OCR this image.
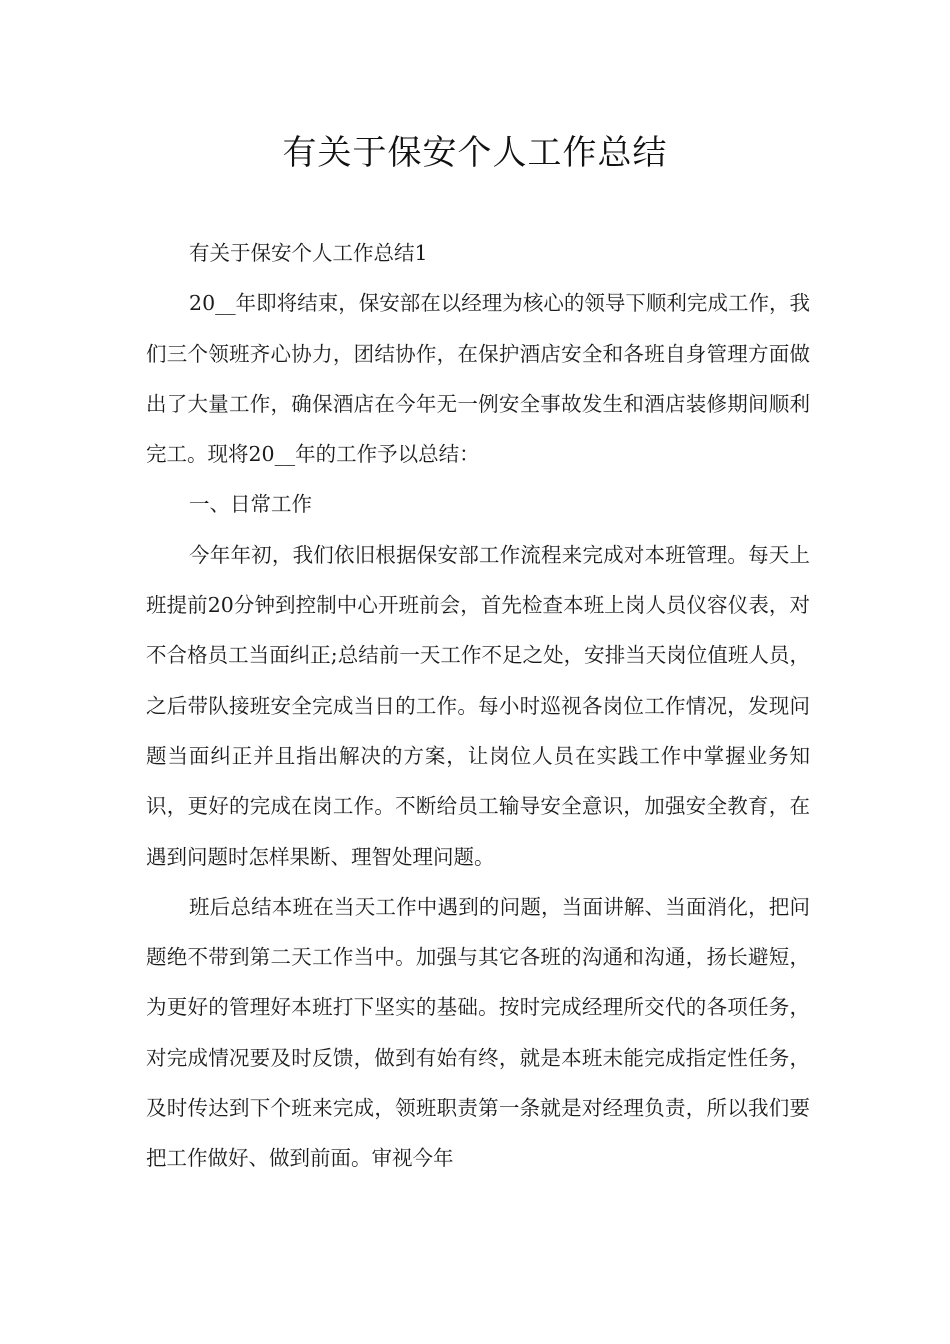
有关于保安个人工作总结

有关于保安个人工作总结1

20__年即将结束，保安部在以经理为核心的领导下顺利完成工作，我们三个领班齐心协力，团结协作，在保护酒店安全和各班自身管理方面做出了大量工作，确保酒店在今年无一例安全事故发生和酒店装修期间顺利完工。现将20__年的工作予以总结：

一、日常工作

今年年初，我们依旧根据保安部工作流程来完成对本班管理。每天上班提前20分钟到控制中心开班前会，首先检查本班上岗人员仪容仪表，对不合格员工当面纠正;总结前一天工作不足之处，安排当天岗位值班人员，之后带队接班安全完成当日的工作。每小时巡视各岗位工作情况，发现问题当面纠正并且指出解决的方案，让岗位人员在实践工作中掌握业务知识，更好的完成在岗工作。不断给员工输导安全意识，加强安全教育，在遇到问题时怎样果断、理智处理问题。

班后总结本班在当天工作中遇到的问题，当面讲解、当面消化，把问题绝不带到第二天工作当中。加强与其它各班的沟通和沟通，扬长避短，为更好的管理好本班打下坚实的基础。按时完成经理所交代的各项任务，对完成情况要及时反馈，做到有始有终，就是本班未能完成指定性任务，及时传达到下个班来完成，领班职责第一条就是对经理负责，所以我们要把工作做好、做到前面。审视今年
